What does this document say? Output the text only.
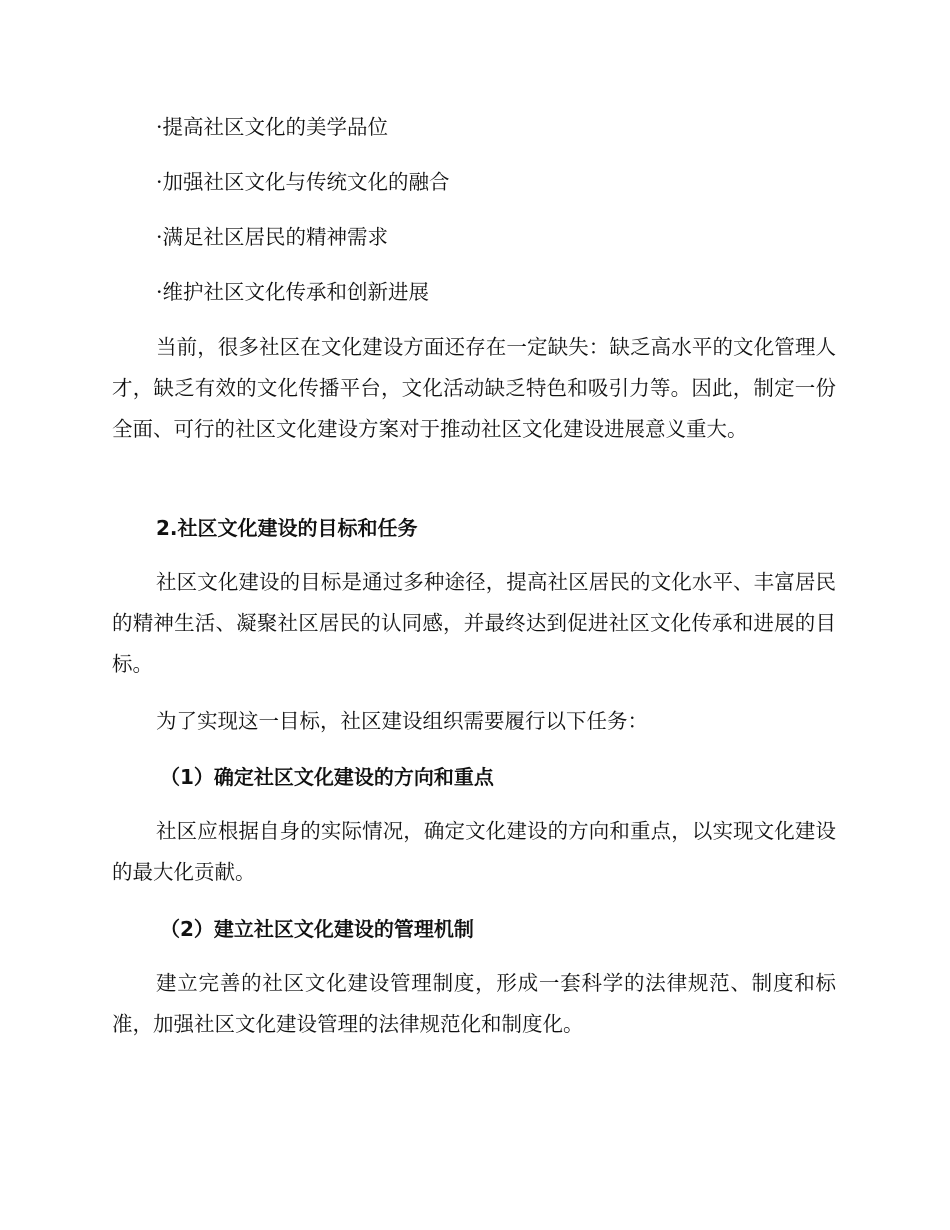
·提高社区文化的美学品位
·加强社区文化与传统文化的融合
·满足社区居民的精神需求
·维护社区文化传承和创新进展

当前，很多社区在文化建设方面还存在一定缺失：缺乏高水平的文化管理人才，缺乏有效的文化传播平台，文化活动缺乏特色和吸引力等。因此，制定一份全面、可行的社区文化建设方案对于推动社区文化建设进展意义重大。

2.社区文化建设的目标和任务

社区文化建设的目标是通过多种途径，提高社区居民的文化水平、丰富居民的精神生活、凝聚社区居民的认同感，并最终达到促进社区文化传承和进展的目标。

为了实现这一目标，社区建设组织需要履行以下任务：

（1）确定社区文化建设的方向和重点

社区应根据自身的实际情况，确定文化建设的方向和重点，以实现文化建设的最大化贡献。

（2）建立社区文化建设的管理机制

建立完善的社区文化建设管理制度，形成一套科学的法律规范、制度和标准，加强社区文化建设管理的法律规范化和制度化。
